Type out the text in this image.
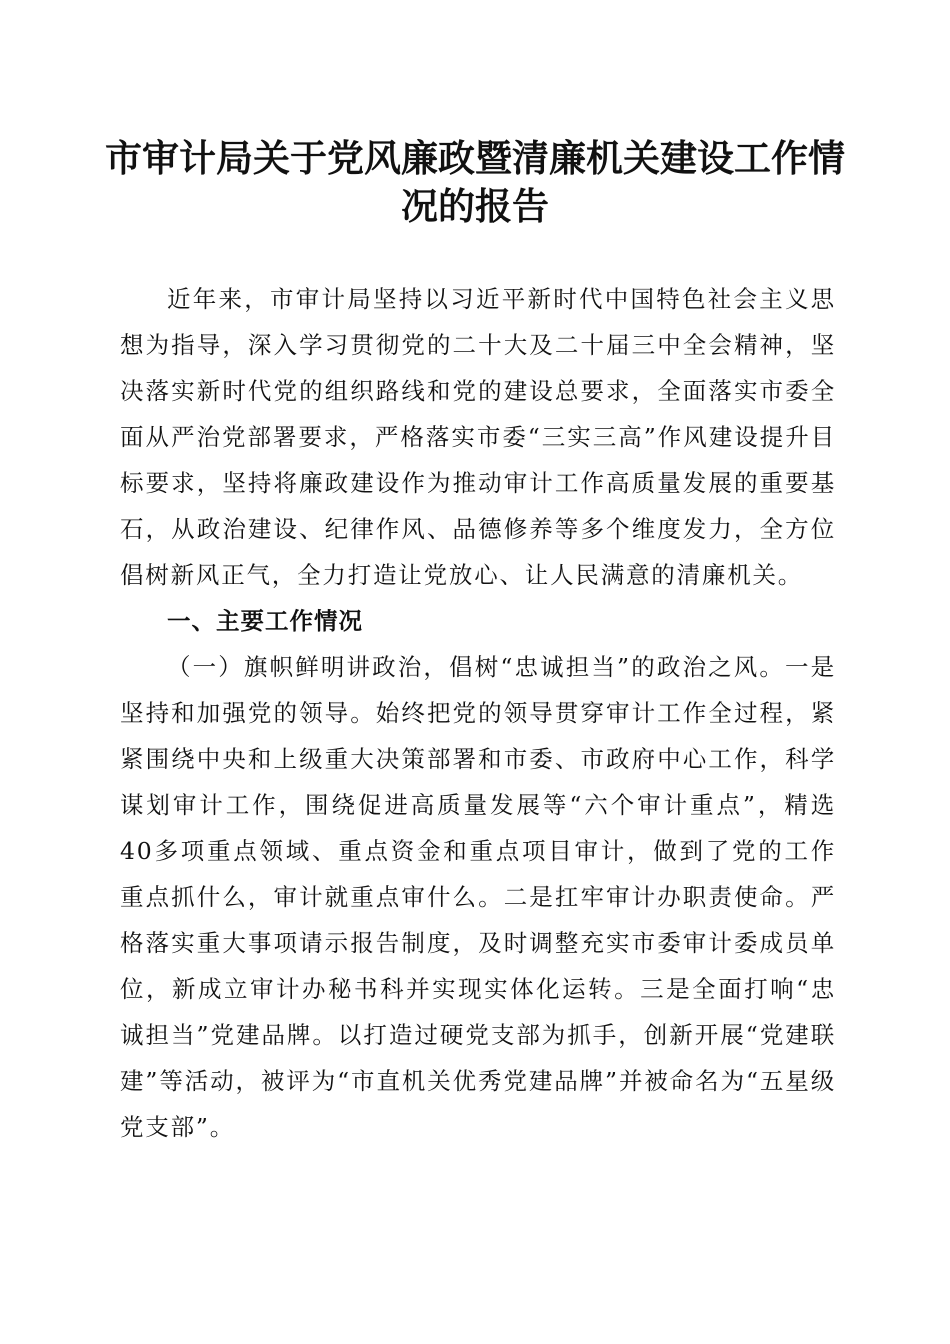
市审计局关于党风廉政暨清廉机关建设工作情
况的报告

近年来，市审计局坚持以习近平新时代中国特色社会主义思想为指导，深入学习贯彻党的二十大及二十届三中全会精神，坚决落实新时代党的组织路线和党的建设总要求，全面落实市委全面从严治党部署要求，严格落实市委“三实三高”作风建设提升目标要求，坚持将廉政建设作为推动审计工作高质量发展的重要基石，从政治建设、纪律作风、品德修养等多个维度发力，全方位倡树新风正气，全力打造让党放心、让人民满意的清廉机关。

一、主要工作情况

（一）旗帜鲜明讲政治，倡树“忠诚担当”的政治之风。一是坚持和加强党的领导。始终把党的领导贯穿审计工作全过程，紧紧围绕中央和上级重大决策部署和市委、市政府中心工作，科学谋划审计工作，围绕促进高质量发展等“六个审计重点”，精选40多项重点领域、重点资金和重点项目审计，做到了党的工作重点抓什么，审计就重点审什么。二是扛牢审计办职责使命。严格落实重大事项请示报告制度，及时调整充实市委审计委成员单位，新成立审计办秘书科并实现实体化运转。三是全面打响“忠诚担当”党建品牌。以打造过硬党支部为抓手，创新开展“党建联建”等活动，被评为“市直机关优秀党建品牌”并被命名为“五星级党支部”。
